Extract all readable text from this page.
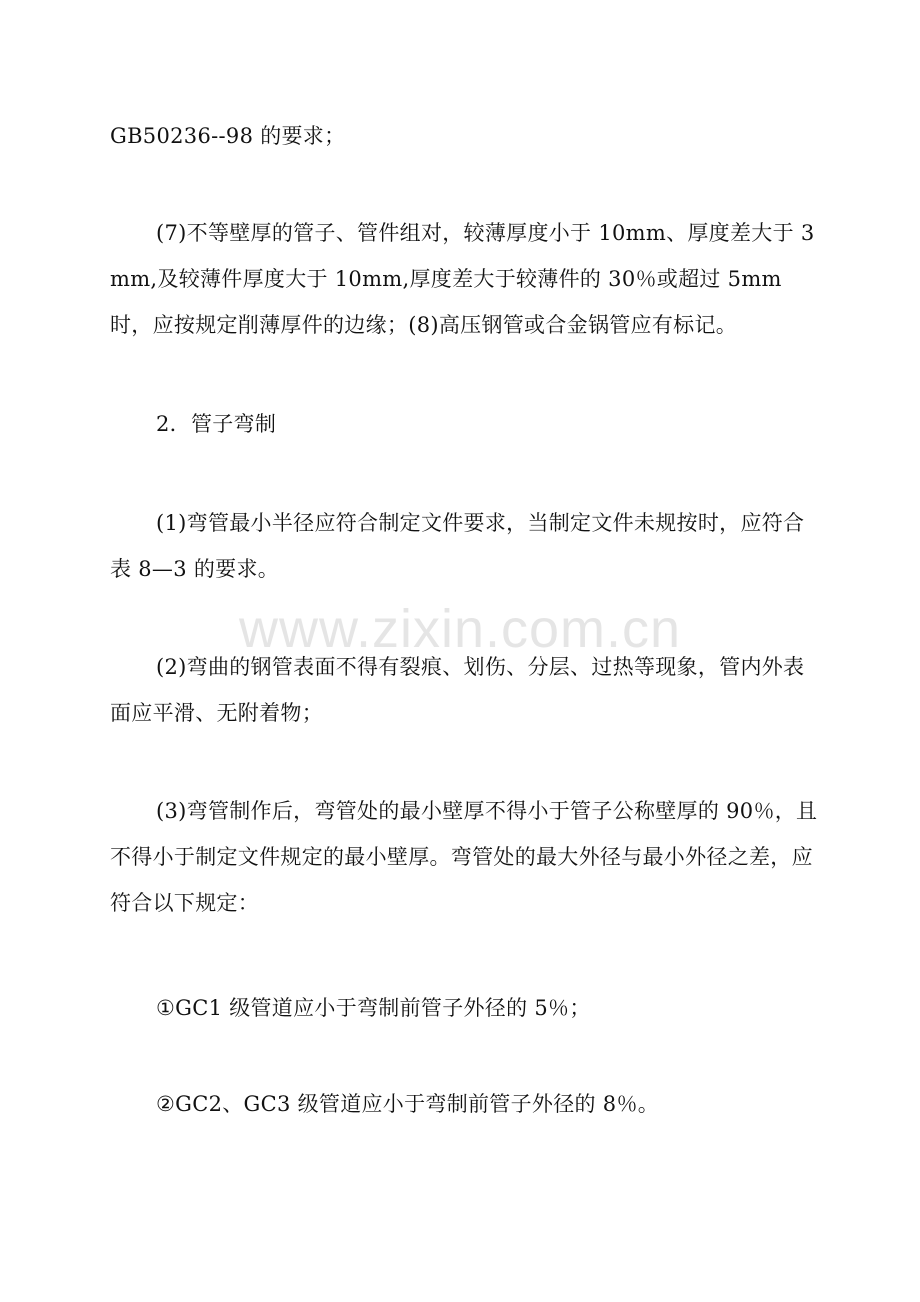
GB50236--98 的要求；

(7)不等壁厚的管子、管件组对，较薄厚度小于 10mm、厚度差大于 3mm,及较薄件厚度大于 10mm,厚度差大于较薄件的 30％或超过 5mm 时，应按规定削薄厚件的边缘；(8)高压钢管或合金锅管应有标记。

2．管子弯制

(1)弯管最小半径应符合制定文件要求，当制定文件未规按时，应符合表 8—3 的要求。

(2)弯曲的钢管表面不得有裂痕、划伤、分层、过热等现象，管内外表面应平滑、无附着物；

(3)弯管制作后，弯管处的最小壁厚不得小于管子公称壁厚的 90％，且不得小于制定文件规定的最小壁厚。弯管处的最大外径与最小外径之差，应符合以下规定：

①GC1 级管道应小于弯制前管子外径的 5％；

②GC2、GC3 级管道应小于弯制前管子外径的 8％。

www.zixin.com.cn
